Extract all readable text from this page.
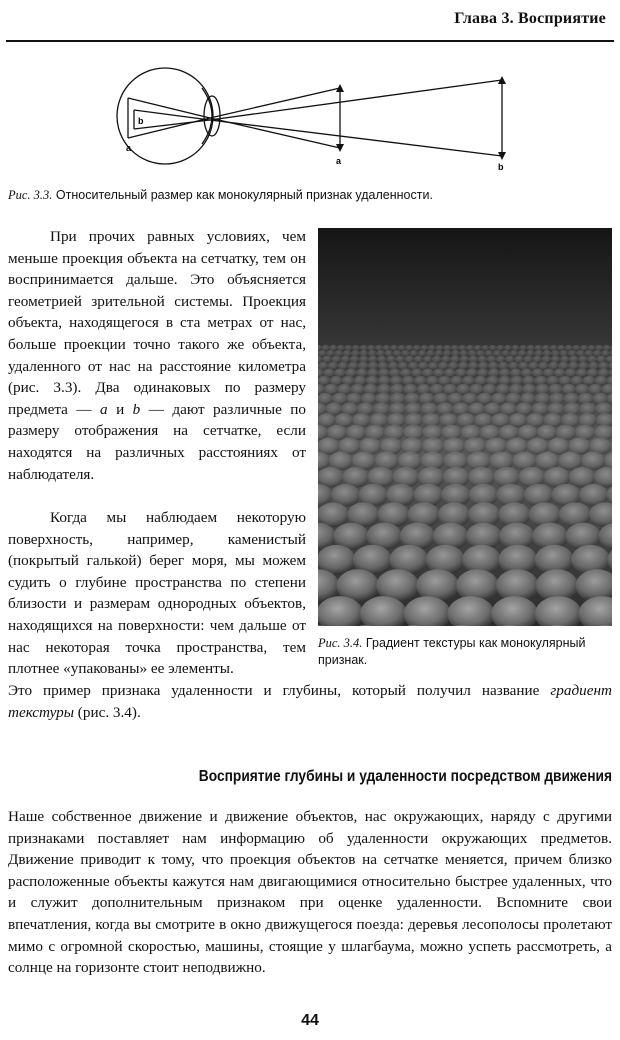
Глава 3. Восприятие
b
a
a
b
Рис. 3.3. Относительный размер как монокулярный признак удаленности.
При прочих равных условиях, чем меньше проекция объекта на сетчатку, тем он воспринимается дальше. Это объясняется геометрией зрительной системы. Проекция объекта, находящегося в ста метрах от нас, больше проекции точно такого же объекта, удаленного от нас на расстояние километра (рис. 3.3). Два одинаковых по размеру предмета — a и b — дают различные по размеру отображения на сетчатке, если находятся на различных расстояниях от наблюдателя.
Когда мы наблюдаем некоторую поверхность, например, каменистый (покрытый галькой) берег моря, мы можем судить о глубине пространства по степени близости и размерам однородных объектов, находящихся на поверхности: чем дальше от нас некоторая точка пространства, тем плотнее «упакованы» ее элементы.
Рис. 3.4. Градиент текстуры как монокулярный признак.
Это пример признака удаленности и глубины, который получил название градиент текстуры (рис. 3.4).
Восприятие глубины и удаленности посредством движения
Наше собственное движение и движение объектов, нас окружающих, наряду с другими признаками поставляет нам информацию об удаленности окружающих предметов. Движение приводит к тому, что проекция объектов на сетчатке меняется, причем близко расположенные объекты кажутся нам двигающимися относительно быстрее удаленных, что и служит дополнительным признаком при оценке удаленности. Вспомните свои впечатления, когда вы смотрите в окно движущегося поезда: деревья лесополосы пролетают мимо с огромной скоростью, машины, стоящие у шлагбаума, можно успеть рассмотреть, а солнце на горизонте стоит неподвижно.
44
